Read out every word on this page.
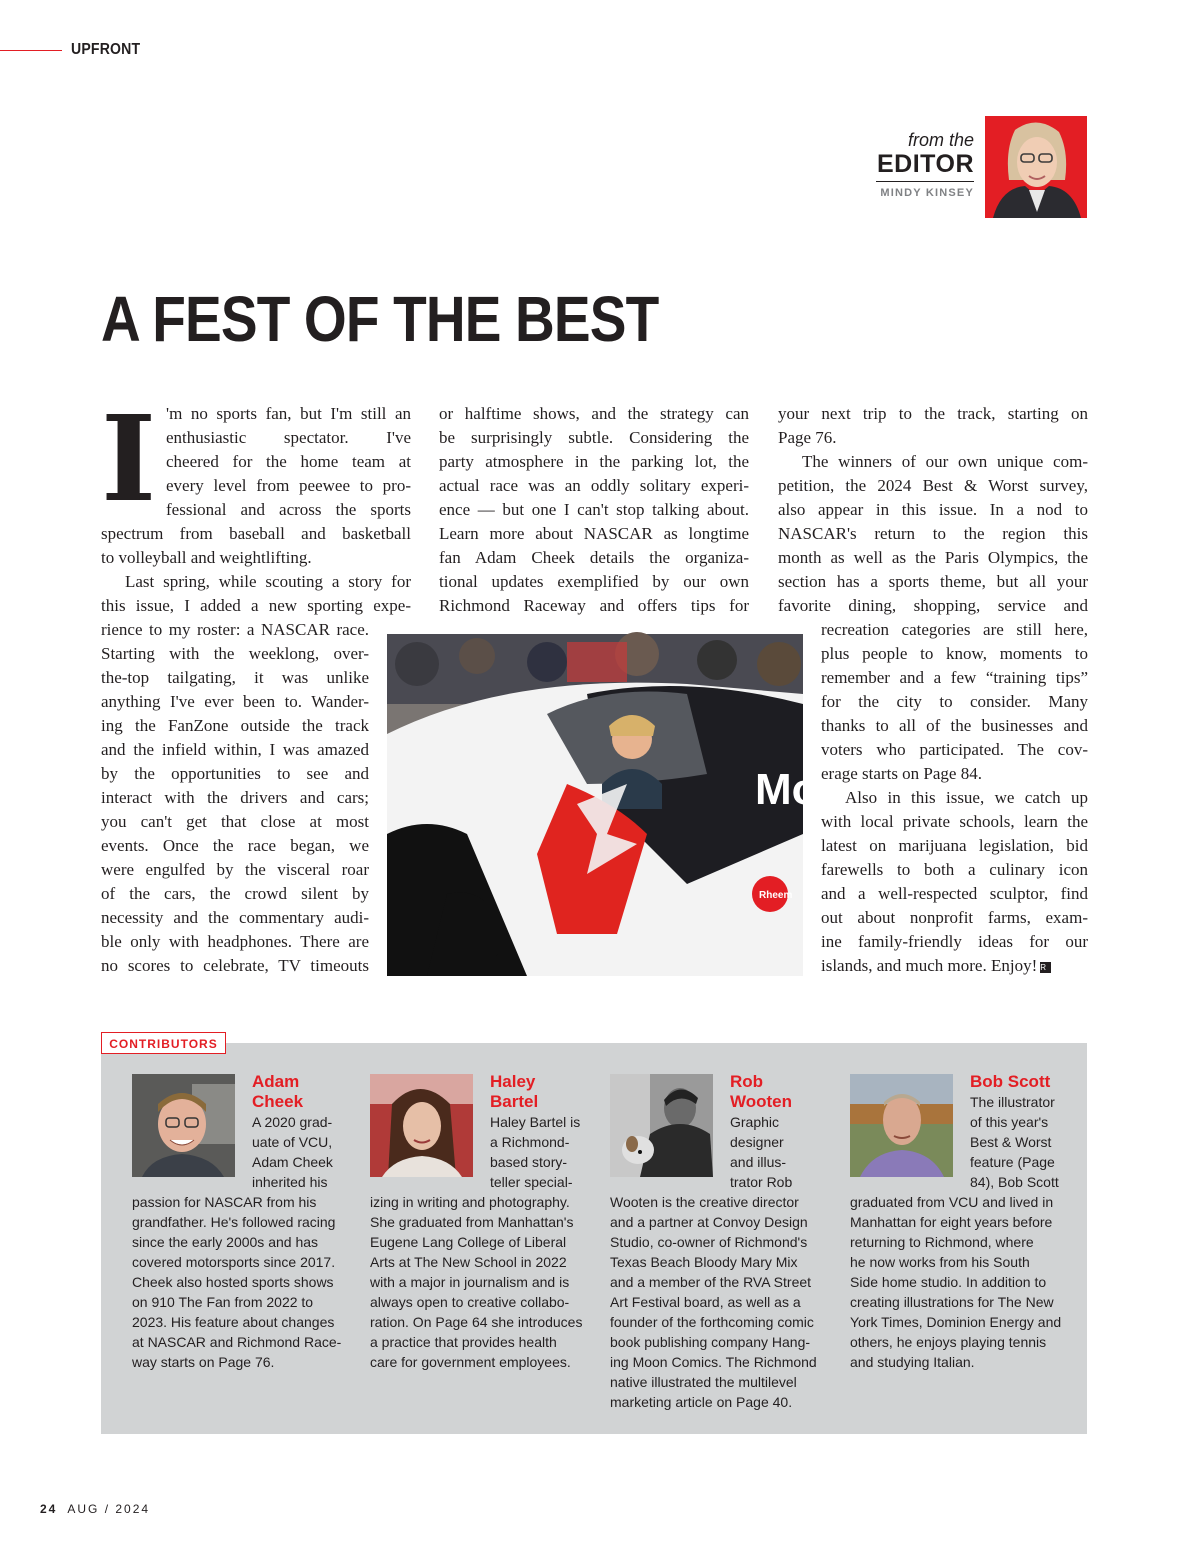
UPFRONT
from the
EDITOR
MINDY KINSEY
A FEST OF THE BEST
I 'm no sports fan, but I'm still an
enthusiastic spectator. I've
cheered for the home team at
every level from peewee to pro-
fessional and across the sports
spectrum from baseball and basketball
to volleyball and weightlifting.
Last spring, while scouting a story for
this issue, I added a new sporting expe-
rience to my roster: a NASCAR race.
Starting with the weeklong, over-
the-top tailgating, it was unlike
anything I've ever been to. Wander-
ing the FanZone outside the track
and the infield within, I was amazed
by the opportunities to see and
interact with the drivers and cars;
you can't get that close at most
events. Once the race began, we
were engulfed by the visceral roar
of the cars, the crowd silent by
necessity and the commentary audi-
ble only with headphones. There are
no scores to celebrate, TV timeouts
or halftime shows, and the strategy can
be surprisingly subtle. Considering the
party atmosphere in the parking lot, the
actual race was an oddly solitary experi-
ence — but one I can't stop talking about.
Learn more about NASCAR as longtime
fan Adam Cheek details the organiza-
tional updates exemplified by our own
Richmond Raceway and offers tips for
your next trip to the track, starting on
Page 76.
The winners of our own unique com-
petition, the 2024 Best & Worst survey,
also appear in this issue. In a nod to
NASCAR's return to the region this
month as well as the Paris Olympics, the
section has a sports theme, but all your
favorite dining, shopping, service and
recreation categories are still here,
plus people to know, moments to
remember and a few “training tips”
for the city to consider. Many
thanks to all of the businesses and
voters who participated. The cov-
erage starts on Page 84.
Also in this issue, we catch up
with local private schools, learn the
latest on marijuana legislation, bid
farewells to both a culinary icon
and a well-respected sculptor, find
out about nonprofit farms, exam-
ine family-friendly ideas for our
islands, and much more. Enjoy! R
Mo
Rheem
CONTRIBUTORS
Adam
Cheek
A 2020 grad-
uate of VCU,
Adam Cheek
inherited his
passion for NASCAR from his
grandfather. He's followed racing
since the early 2000s and has
covered motorsports since 2017.
Cheek also hosted sports shows
on 910 The Fan from 2022 to
2023. His feature about changes
at NASCAR and Richmond Race-
way starts on Page 76.
Haley
Bartel
Haley Bartel is
a Richmond-
based story-
teller special-
izing in writing and photography.
She graduated from Manhattan's
Eugene Lang College of Liberal
Arts at The New School in 2022
with a major in journalism and is
always open to creative collabo-
ration. On Page 64 she introduces
a practice that provides health
care for government employees.
Rob
Wooten
Graphic
designer
and illus-
trator Rob
Wooten is the creative director
and a partner at Convoy Design
Studio, co-owner of Richmond's
Texas Beach Bloody Mary Mix
and a member of the RVA Street
Art Festival board, as well as a
founder of the forthcoming comic
book publishing company Hang-
ing Moon Comics. The Richmond
native illustrated the multilevel
marketing article on Page 40.
Bob Scott
The illustrator
of this year's
Best & Worst
feature (Page
84), Bob Scott
graduated from VCU and lived in
Manhattan for eight years before
returning to Richmond, where
he now works from his South
Side home studio. In addition to
creating illustrations for The New
York Times, Dominion Energy and
others, he enjoys playing tennis
and studying Italian.
24 AUG / 2024
